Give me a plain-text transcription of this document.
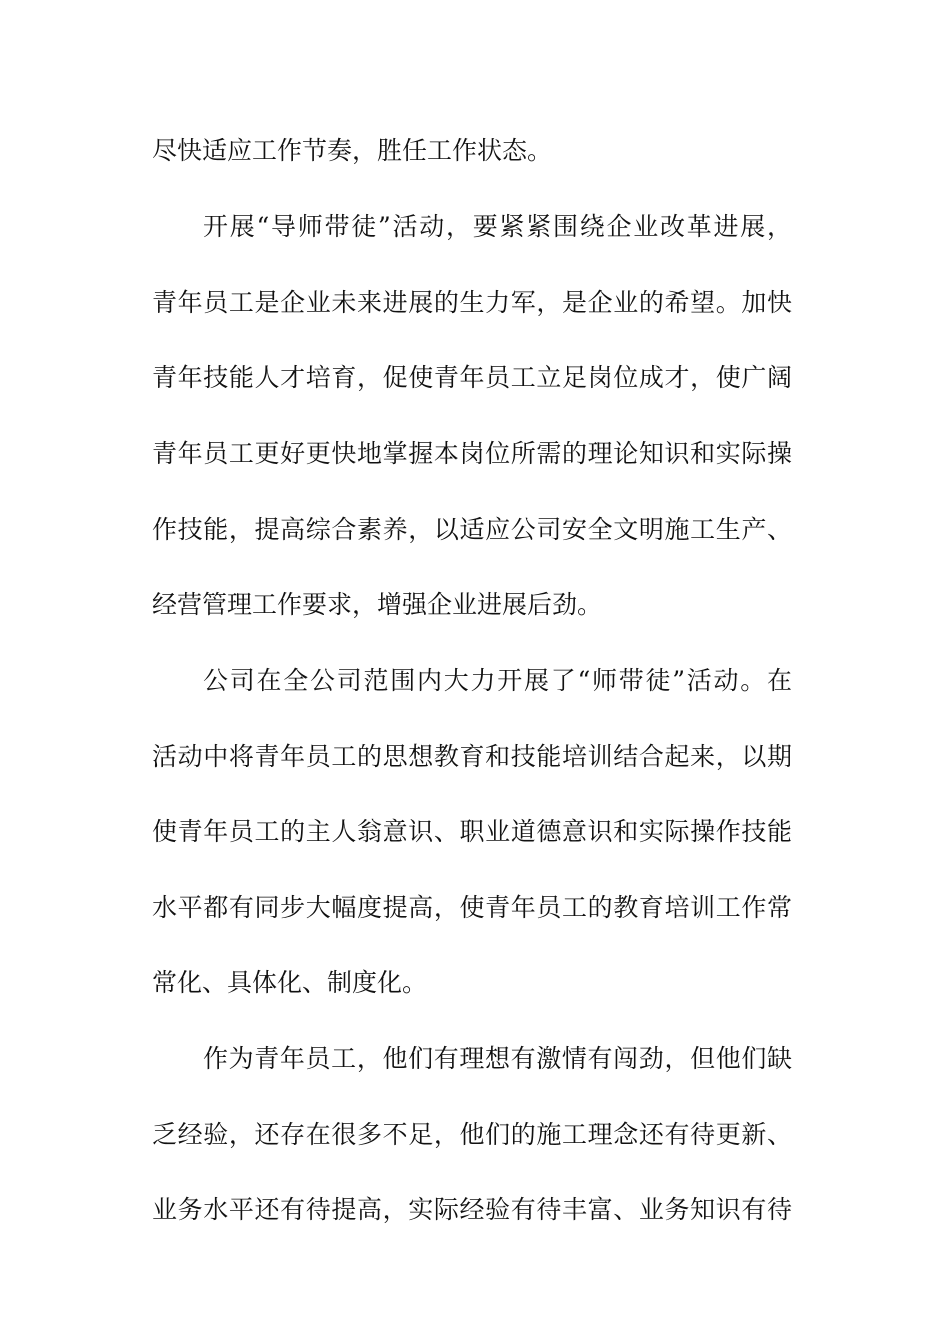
尽快适应工作节奏，胜任工作状态。
开展“导师带徒”活动，要紧紧围绕企业改革进展，
青年员工是企业未来进展的生力军，是企业的希望。加快
青年技能人才培育，促使青年员工立足岗位成才，使广阔
青年员工更好更快地掌握本岗位所需的理论知识和实际操
作技能，提高综合素养，以适应公司安全文明施工生产、
经营管理工作要求，增强企业进展后劲。
公司在全公司范围内大力开展了“师带徒”活动。在
活动中将青年员工的思想教育和技能培训结合起来，以期
使青年员工的主人翁意识、职业道德意识和实际操作技能
水平都有同步大幅度提高，使青年员工的教育培训工作常
常化、具体化、制度化。
作为青年员工，他们有理想有激情有闯劲，但他们缺
乏经验，还存在很多不足，他们的施工理念还有待更新、
业务水平还有待提高，实际经验有待丰富、业务知识有待
